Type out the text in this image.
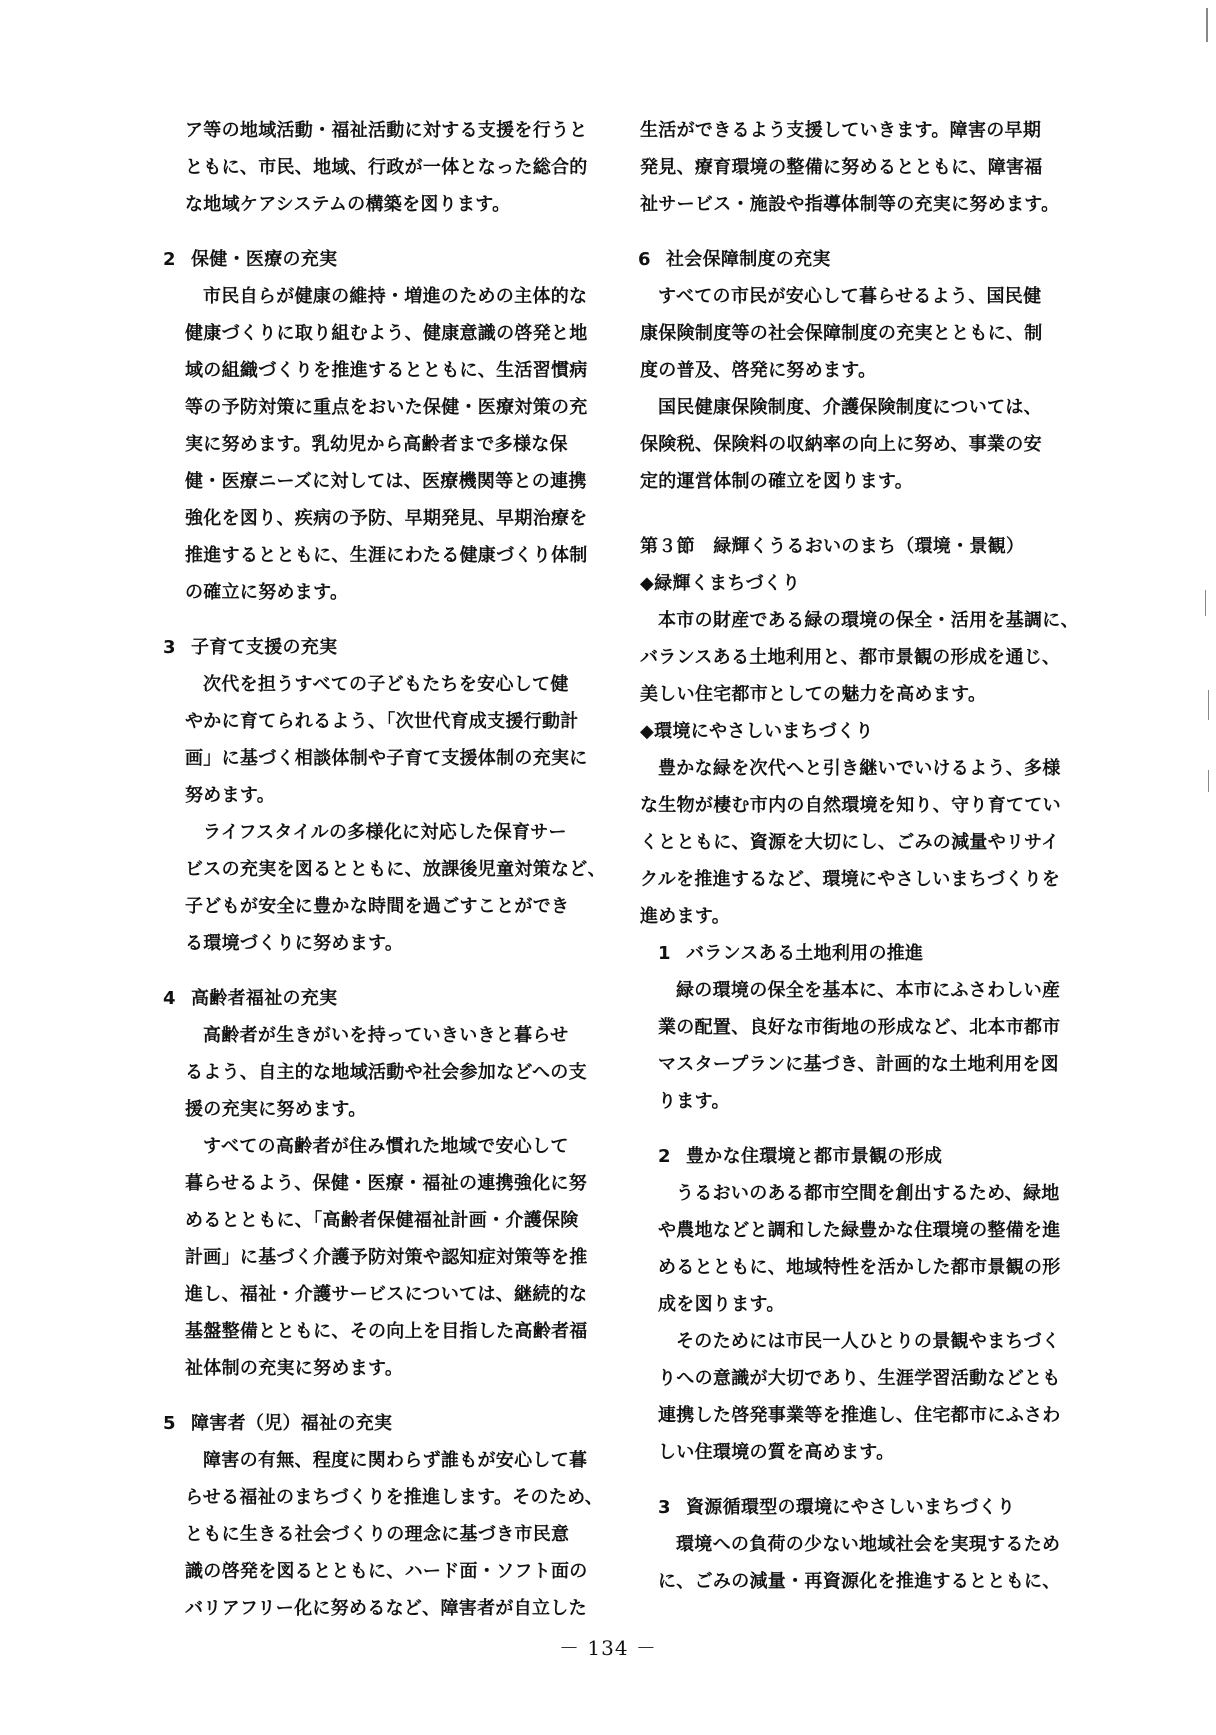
ア等の地域活動・福祉活動に対する支援を行うと
ともに、市民、地域、行政が一体となった総合的
な地域ケアシステムの構築を図ります。
2 保健・医療の充実
市民自らが健康の維持・増進のための主体的な
健康づくりに取り組むよう、健康意識の啓発と地
域の組織づくりを推進するとともに、生活習慣病
等の予防対策に重点をおいた保健・医療対策の充
実に努めます。乳幼児から高齢者まで多様な保
健・医療ニーズに対しては、医療機関等との連携
強化を図り、疾病の予防、早期発見、早期治療を
推進するとともに、生涯にわたる健康づくり体制
の確立に努めます。
3 子育て支援の充実
次代を担うすべての子どもたちを安心して健
やかに育てられるよう、「次世代育成支援行動計
画」に基づく相談体制や子育て支援体制の充実に
努めます。
ライフスタイルの多様化に対応した保育サー
ビスの充実を図るとともに、放課後児童対策など、
子どもが安全に豊かな時間を過ごすことができ
る環境づくりに努めます。
4 高齢者福祉の充実
高齢者が生きがいを持っていきいきと暮らせ
るよう、自主的な地域活動や社会参加などへの支
援の充実に努めます。
すべての高齢者が住み慣れた地域で安心して
暮らせるよう、保健・医療・福祉の連携強化に努
めるとともに、「高齢者保健福祉計画・介護保険
計画」に基づく介護予防対策や認知症対策等を推
進し、福祉・介護サービスについては、継続的な
基盤整備とともに、その向上を目指した高齢者福
祉体制の充実に努めます。
5 障害者（児）福祉の充実
障害の有無、程度に関わらず誰もが安心して暮
らせる福祉のまちづくりを推進します。そのため、
ともに生きる社会づくりの理念に基づき市民意
識の啓発を図るとともに、ハード面・ソフト面の
バリアフリー化に努めるなど、障害者が自立した
生活ができるよう支援していきます。障害の早期
発見、療育環境の整備に努めるとともに、障害福
祉サービス・施設や指導体制等の充実に努めます。
6 社会保障制度の充実
すべての市民が安心して暮らせるよう、国民健
康保険制度等の社会保障制度の充実とともに、制
度の普及、啓発に努めます。
国民健康保険制度、介護保険制度については、
保険税、保険料の収納率の向上に努め、事業の安
定的運営体制の確立を図ります。
第３節　緑輝くうるおいのまち（環境・景観）
◆緑輝くまちづくり
本市の財産である緑の環境の保全・活用を基調に、
バランスある土地利用と、都市景観の形成を通じ、
美しい住宅都市としての魅力を高めます。
◆環境にやさしいまちづくり
豊かな緑を次代へと引き継いでいけるよう、多様
な生物が棲む市内の自然環境を知り、守り育ててい
くとともに、資源を大切にし、ごみの減量やリサイ
クルを推進するなど、環境にやさしいまちづくりを
進めます。
1 バランスある土地利用の推進
緑の環境の保全を基本に、本市にふさわしい産
業の配置、良好な市街地の形成など、北本市都市
マスタープランに基づき、計画的な土地利用を図
ります。
2 豊かな住環境と都市景観の形成
うるおいのある都市空間を創出するため、緑地
や農地などと調和した緑豊かな住環境の整備を進
めるとともに、地域特性を活かした都市景観の形
成を図ります。
そのためには市民一人ひとりの景観やまちづく
りへの意識が大切であり、生涯学習活動などとも
連携した啓発事業等を推進し、住宅都市にふさわ
しい住環境の質を高めます。
3 資源循環型の環境にやさしいまちづくり
環境への負荷の少ない地域社会を実現するため
に、ごみの減量・再資源化を推進するとともに、
－ 134 －
